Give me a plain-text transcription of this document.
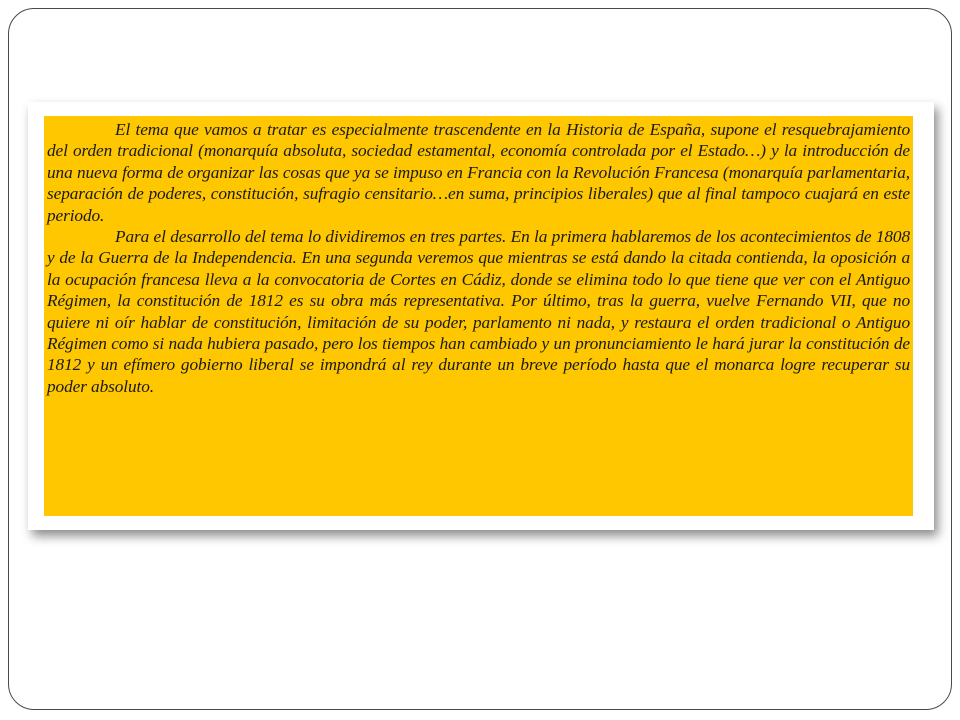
El tema que vamos a tratar es especialmente trascendente en la Historia de España, supone el resquebrajamiento del orden tradicional (monarquía absoluta, sociedad estamental, economía controlada por el Estado…) y la introducción de una nueva forma de organizar las cosas que ya se impuso en Francia con la Revolución Francesa (monarquía parlamentaria, separación de poderes, constitución, sufragio censitario…en suma, principios liberales) que al final tampoco cuajará en este periodo.

Para el desarrollo del tema lo dividiremos en tres partes. En la primera hablaremos de los acontecimientos de 1808 y de la Guerra de la Independencia. En una segunda veremos que mientras se está dando la citada contienda, la oposición a la ocupación francesa lleva a la convocatoria de Cortes en Cádiz, donde se elimina todo lo que tiene que ver con el Antiguo Régimen, la constitución de 1812 es su obra más representativa. Por último, tras la guerra, vuelve Fernando VII, que no quiere ni oír hablar de constitución, limitación de su poder, parlamento ni nada, y restaura el orden tradicional o Antiguo Régimen como si nada hubiera pasado, pero los tiempos han cambiado y un pronunciamiento le hará jurar la constitución de 1812 y un efímero gobierno liberal se impondrá al rey durante un breve período hasta que el monarca logre recuperar su poder absoluto.
